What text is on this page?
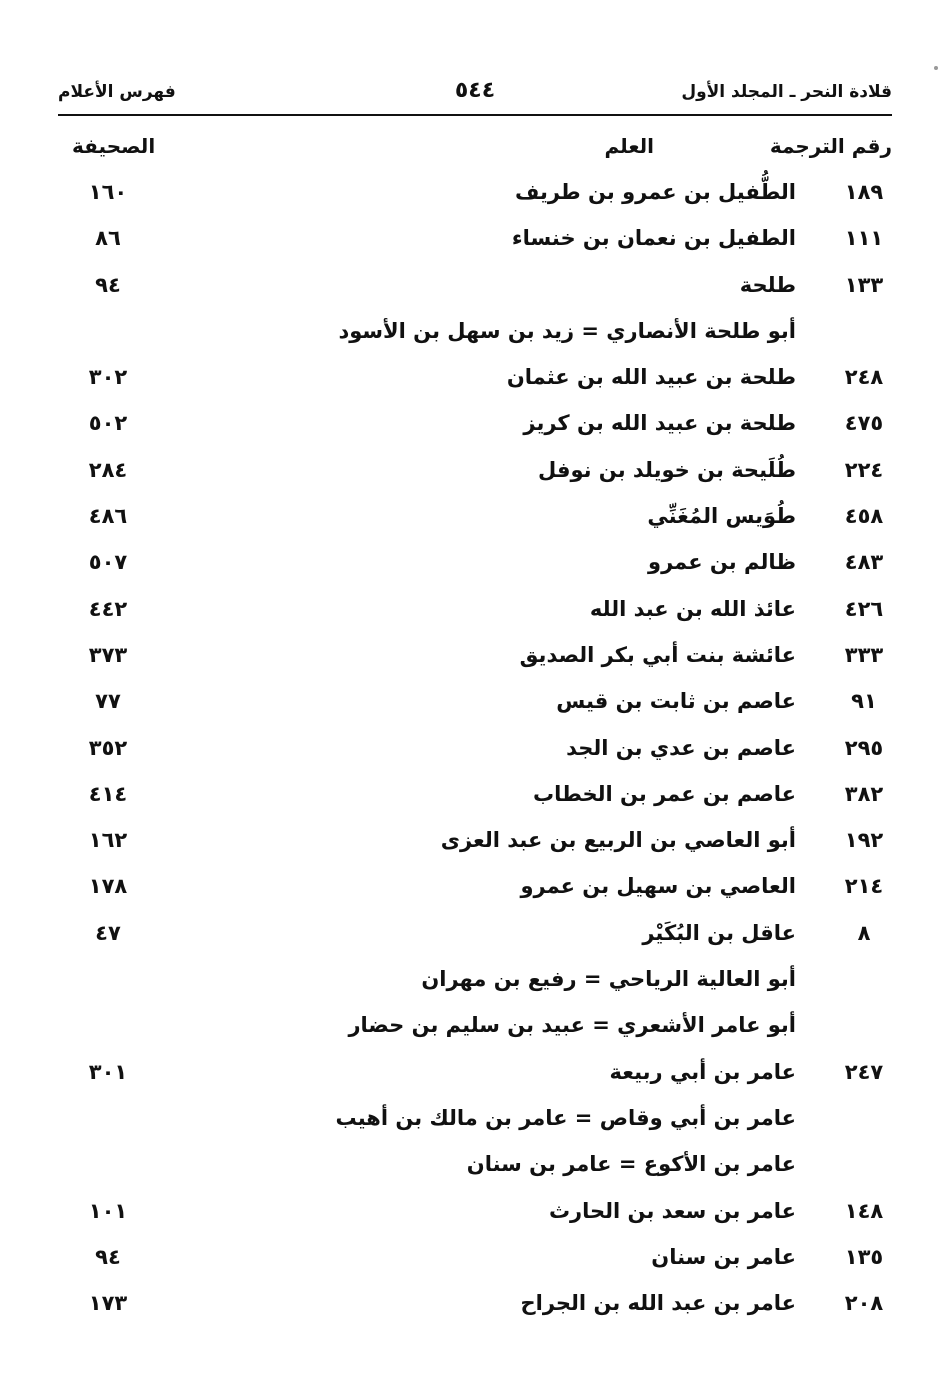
قلادة النحر ـ المجلد الأول
٥٤٤
فهرس الأعلام
رقم الترجمة
العلم
الصحيفة
١٨٩
الطُّفيل بن عمرو بن طريف
١٦٠
١١١
الطفيل بن نعمان بن خنساء
٨٦
١٣٣
طلحة
٩٤
أبو طلحة الأنصاري = زيد بن سهل بن الأسود
٢٤٨
طلحة بن عبيد الله بن عثمان
٣٠٢
٤٧٥
طلحة بن عبيد الله بن كريز
٥٠٢
٢٢٤
طُلَيحة بن خويلد بن نوفل
٢٨٤
٤٥٨
طُوَيس المُغَنِّي
٤٨٦
٤٨٣
ظالم بن عمرو
٥٠٧
٤٢٦
عائذ الله بن عبد الله
٤٤٢
٣٣٣
عائشة بنت أبي بكر الصديق
٣٧٣
٩١
عاصم بن ثابت بن قيس
٧٧
٢٩٥
عاصم بن عدي بن الجد
٣٥٢
٣٨٢
عاصم بن عمر بن الخطاب
٤١٤
١٩٢
أبو العاصي بن الربيع بن عبد العزى
١٦٢
٢١٤
العاصي بن سهيل بن عمرو
١٧٨
٨
عاقل بن البُكَيْر
٤٧
أبو العالية الرياحي = رفيع بن مهران
أبو عامر الأشعري = عبيد بن سليم بن حضار
٢٤٧
عامر بن أبي ربيعة
٣٠١
عامر بن أبي وقاص = عامر بن مالك بن أهيب
عامر بن الأكوع = عامر بن سنان
١٤٨
عامر بن سعد بن الحارث
١٠١
١٣٥
عامر بن سنان
٩٤
٢٠٨
عامر بن عبد الله بن الجراح
١٧٣
